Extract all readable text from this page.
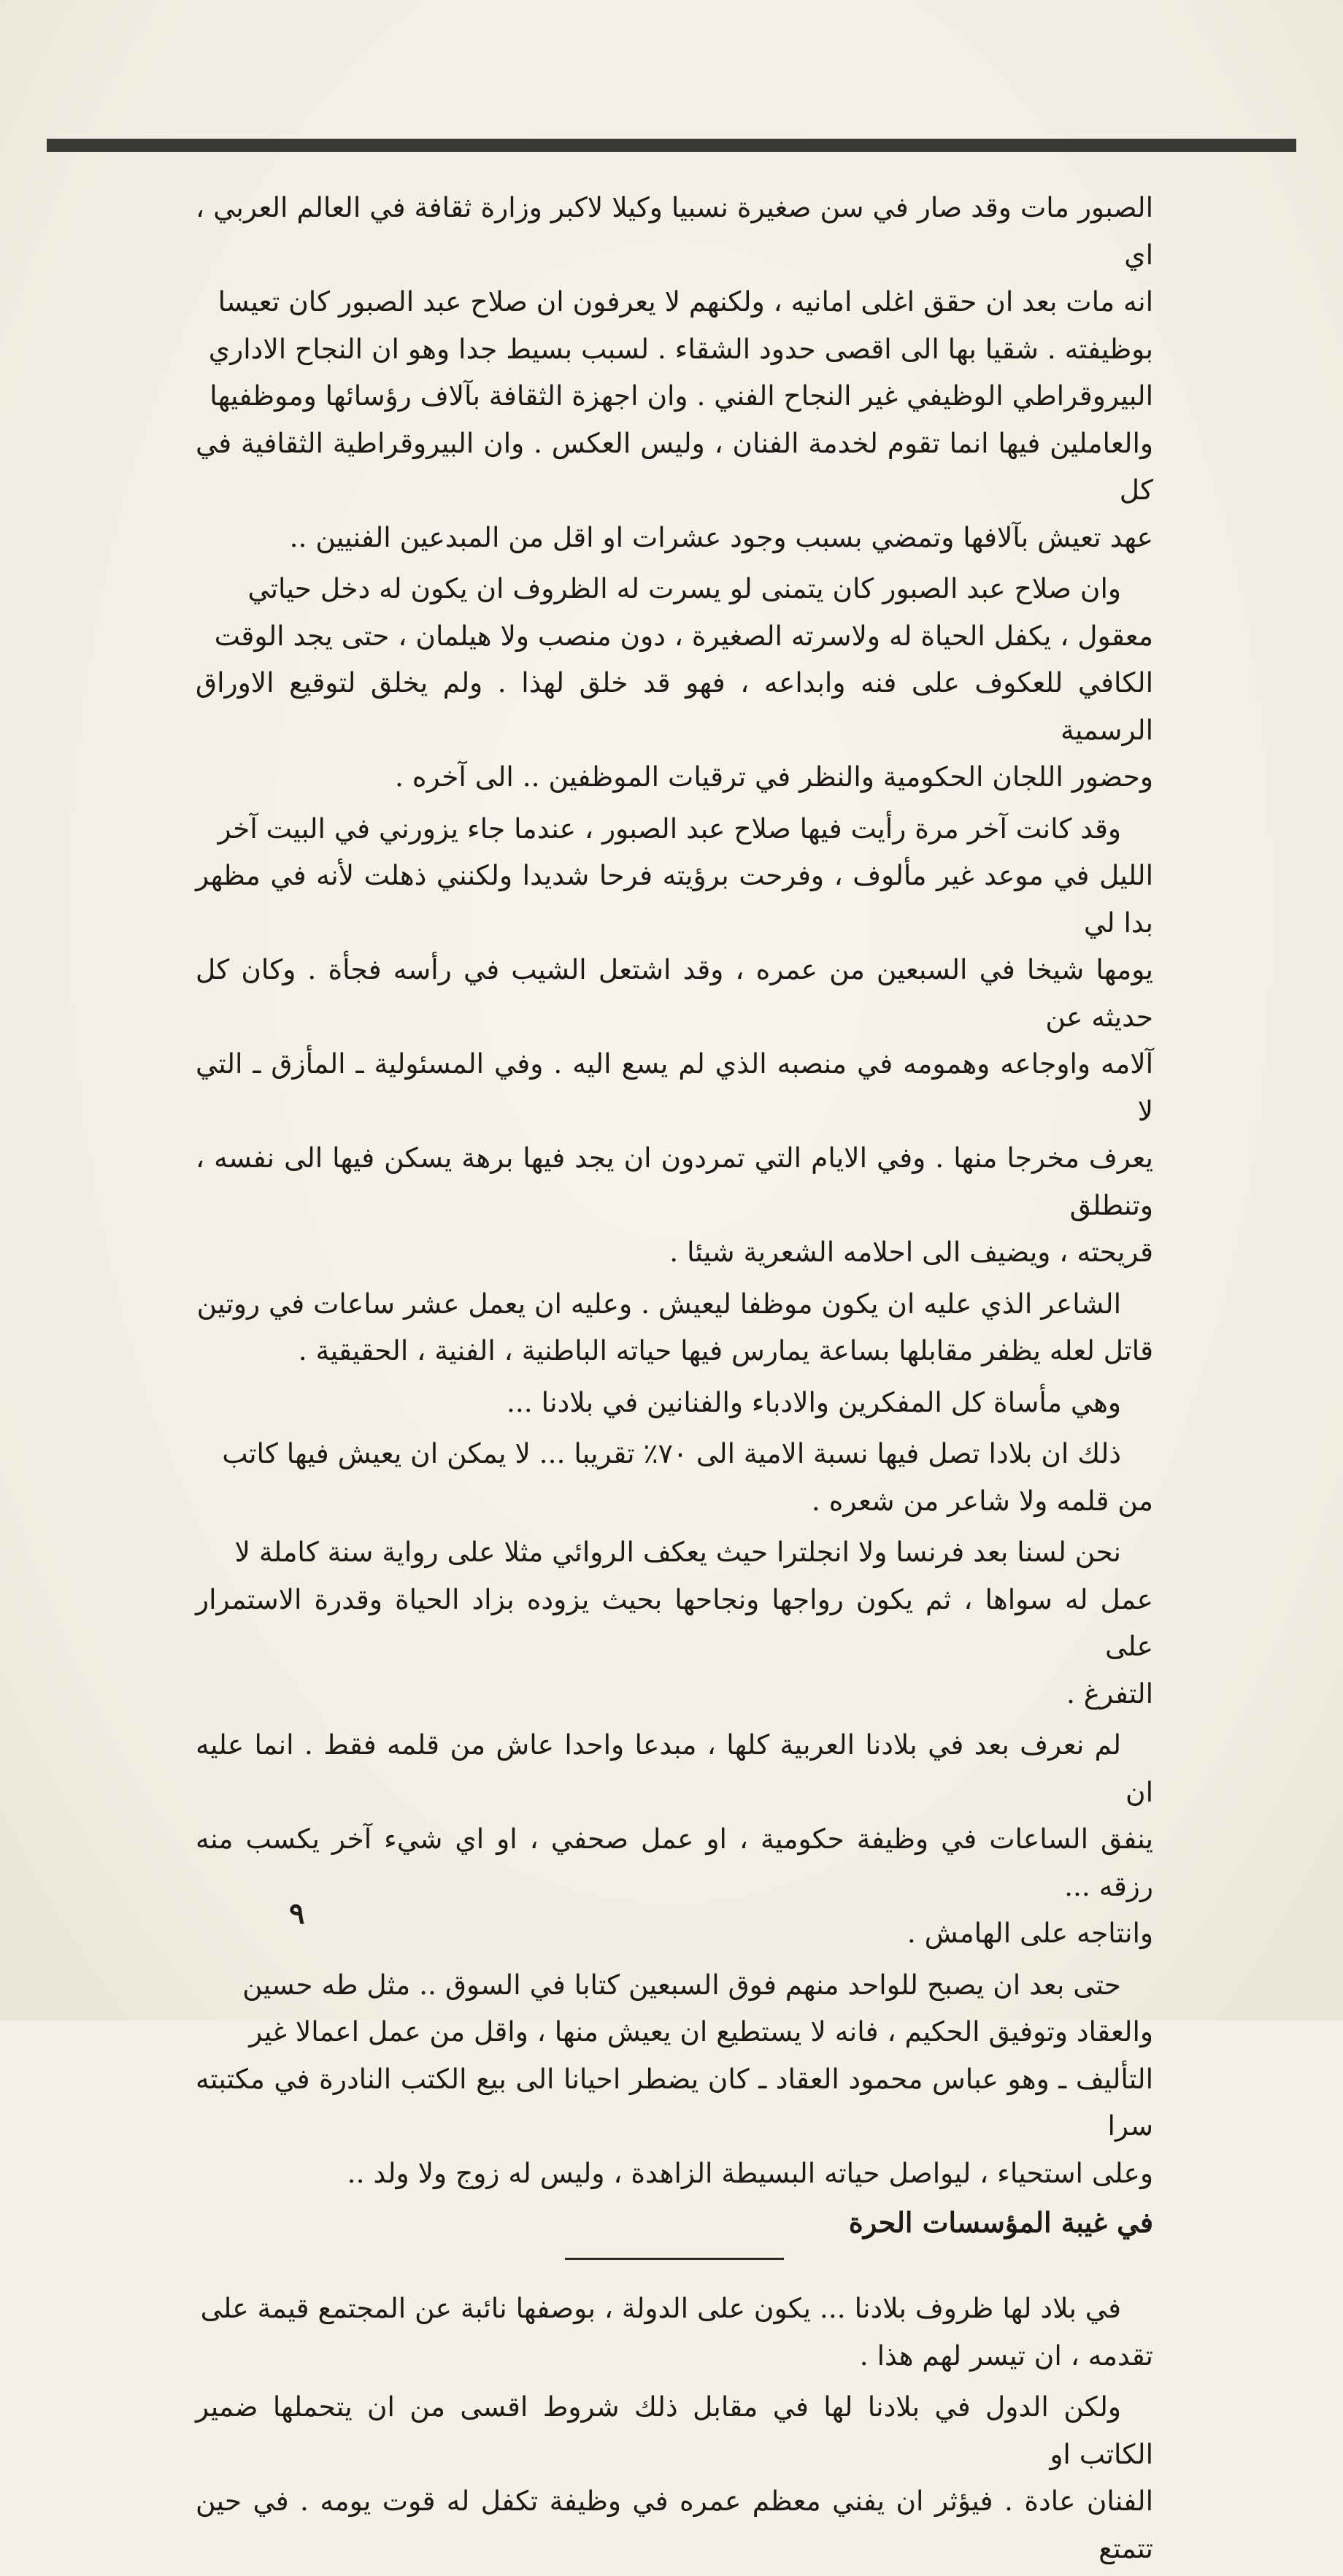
الصبور مات وقد صار في سن صغيرة نسبيا وكيلا لاكبر وزارة ثقافة في العالم العربي ، اي
انه مات بعد ان حقق اغلى امانيه ، ولكنهم لا يعرفون ان صلاح عبد الصبور كان تعيسا
بوظيفته . شقيا بها الى اقصى حدود الشقاء . لسبب بسيط جدا وهو ان النجاح الاداري
البيروقراطي الوظيفي غير النجاح الفني . وان اجهزة الثقافة بآلاف رؤسائها وموظفيها
والعاملين فيها انما تقوم لخدمة الفنان ، وليس العكس . وان البيروقراطية الثقافية في كل
عهد تعيش بآلافها وتمضي بسبب وجود عشرات او اقل من المبدعين الفنيين ..

وان صلاح عبد الصبور كان يتمنى لو يسرت له الظروف ان يكون له دخل حياتي
معقول ، يكفل الحياة له ولاسرته الصغيرة ، دون منصب ولا هيلمان ، حتى يجد الوقت
الكافي للعكوف على فنه وابداعه ، فهو قد خلق لهذا . ولم يخلق لتوقيع الاوراق الرسمية
وحضور اللجان الحكومية والنظر في ترقيات الموظفين .. الى آخره .

وقد كانت آخر مرة رأيت فيها صلاح عبد الصبور ، عندما جاء يزورني في البيت آخر
الليل في موعد غير مألوف ، وفرحت برؤيته فرحا شديدا ولكنني ذهلت لأنه في مظهر بدا لي
يومها شيخا في السبعين من عمره ، وقد اشتعل الشيب في رأسه فجأة . وكان كل حديثه عن
آلامه واوجاعه وهمومه في منصبه الذي لم يسع اليه . وفي المسئولية ـ المأزق ـ التي لا
يعرف مخرجا منها . وفي الايام التي تمردون ان يجد فيها برهة يسكن فيها الى نفسه ، وتنطلق
قريحته ، ويضيف الى احلامه الشعرية شيئا .

الشاعر الذي عليه ان يكون موظفا ليعيش . وعليه ان يعمل عشر ساعات في روتين
قاتل لعله يظفر مقابلها بساعة يمارس فيها حياته الباطنية ، الفنية ، الحقيقية .

وهي مأساة كل المفكرين والادباء والفنانين في بلادنا ...

ذلك ان بلادا تصل فيها نسبة الامية الى ٧٠٪ تقريبا ... لا يمكن ان يعيش فيها كاتب
من قلمه ولا شاعر من شعره .

نحن لسنا بعد فرنسا ولا انجلترا حيث يعكف الروائي مثلا على رواية سنة كاملة لا
عمل له سواها ، ثم يكون رواجها ونجاحها بحيث يزوده بزاد الحياة وقدرة الاستمرار على
التفرغ .

لم نعرف بعد في بلادنا العربية كلها ، مبدعا واحدا عاش من قلمه فقط . انما عليه ان
ينفق الساعات في وظيفة حكومية ، او عمل صحفي ، او اي شيء آخر يكسب منه رزقه ...
وانتاجه على الهامش .

حتى بعد ان يصبح للواحد منهم فوق السبعين كتابا في السوق .. مثل طه حسين
والعقاد وتوفيق الحكيم ، فانه لا يستطيع ان يعيش منها ، واقل من عمل اعمالا غير
التأليف ـ وهو عباس محمود العقاد ـ كان يضطر احيانا الى بيع الكتب النادرة في مكتبته سرا
وعلى استحياء ، ليواصل حياته البسيطة الزاهدة ، وليس له زوج ولا ولد ..

في غيبة المؤسسات الحرة

في بلاد لها ظروف بلادنا ... يكون على الدولة ، بوصفها نائبة عن المجتمع قيمة على
تقدمه ، ان تيسر لهم هذا .

ولكن الدول في بلادنا لها في مقابل ذلك شروط اقسى من ان يتحملها ضمير الكاتب او
الفنان عادة . فيؤثر ان يفني معظم عمره في وظيفة تكفل له قوت يومه . في حين تتمتع

٩
